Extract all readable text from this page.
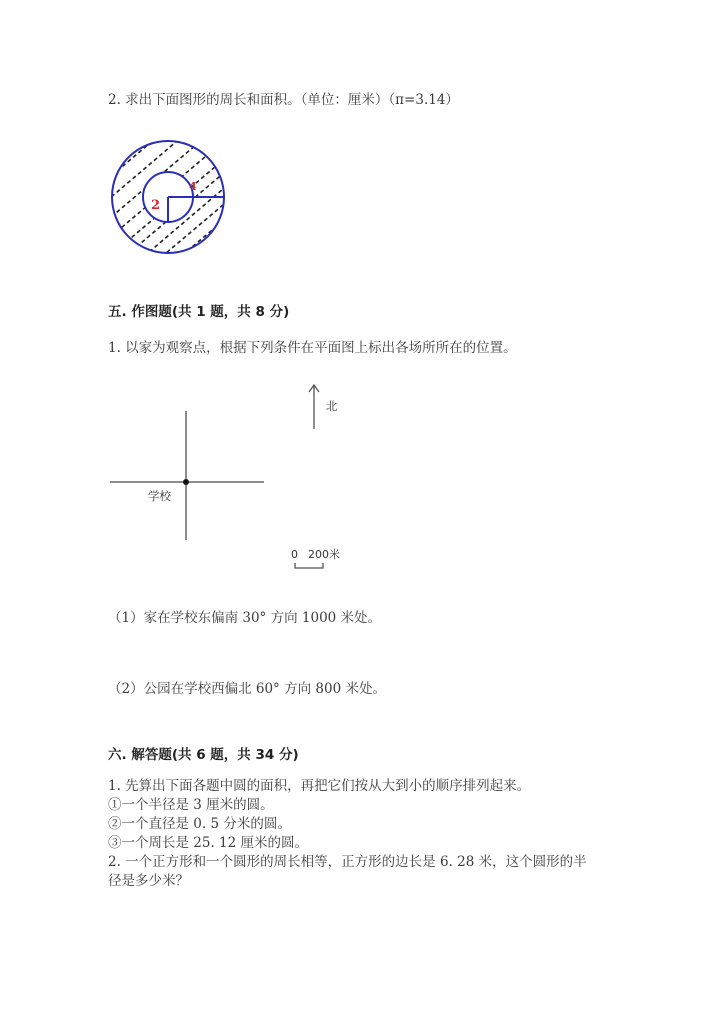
2. 求出下面图形的周长和面积。（单位：厘米）（π=3.14）
2
4
五. 作图题(共 1 题，共 8 分)
1. 以家为观察点，根据下列条件在平面图上标出各场所所在的位置。
学校
北
0 200米
（1）家在学校东偏南 30° 方向 1000 米处。
（2）公园在学校西偏北 60° 方向 800 米处。
六. 解答题(共 6 题，共 34 分)
1. 先算出下面各题中圆的面积，再把它们按从大到小的顺序排列起来。
①一个半径是 3 厘米的圆。
②一个直径是 0. 5 分米的圆。
③一个周长是 25. 12 厘米的圆。
2. 一个正方形和一个圆形的周长相等，正方形的边长是 6. 28 米，这个圆形的半
径是多少米？
